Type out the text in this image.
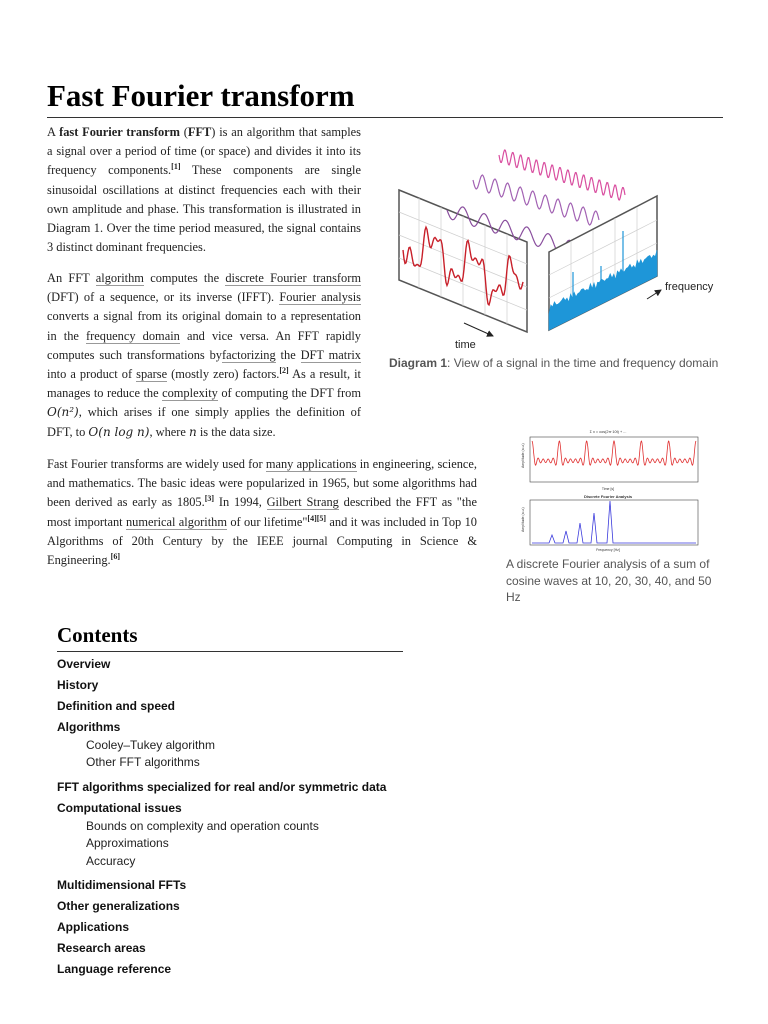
Fast Fourier transform

A fast Fourier transform (FFT) is an algorithm that samples a signal over a period of time (or space) and divides it into its frequency components.[1] These components are single sinusoidal oscillations at distinct frequencies each with their own amplitude and phase. This transformation is illustrated in Diagram 1. Over the time period measured, the signal contains 3 distinct dominant frequencies.

An FFT algorithm computes the discrete Fourier transform (DFT) of a sequence, or its inverse (IFFT). Fourier analysis converts a signal from its original domain to a representation in the frequency domain and vice versa. An FFT rapidly computes such transformations byfactorizing the DFT matrix into a product of sparse (mostly zero) factors.[2] As a result, it manages to reduce the complexity of computing the DFT from O(n²), which arises if one simply applies the definition of DFT, to O(n log n), where n is the data size.

Fast Fourier transforms are widely used for many applications in engineering, science, and mathematics. The basic ideas were popularized in 1965, but some algorithms had been derived as early as 1805.[3] In 1994, Gilbert Strang described the FFT as "the most important numerical algorithm of our lifetime"[4][5] and it was included in Top 10 Algorithms of 20th Century by the IEEE journal Computing in Science & Engineering.[6]

time
frequency

Diagram 1: View of a signal in the time and frequency domain

Σ x = cos(2π·10t) + ...
Amplitude (a.u.)
Time [s]
Discrete Fourier Analysis
Amplitude (a.u.)
Frequency [Hz]

A discrete Fourier analysis of a sum of cosine waves at 10, 20, 30, 40, and 50 Hz

Contents
Overview
History
Definition and speed
Algorithms
Cooley–Tukey algorithm
Other FFT algorithms
FFT algorithms specialized for real and/or symmetric data
Computational issues
Bounds on complexity and operation counts
Approximations
Accuracy
Multidimensional FFTs
Other generalizations
Applications
Research areas
Language reference
